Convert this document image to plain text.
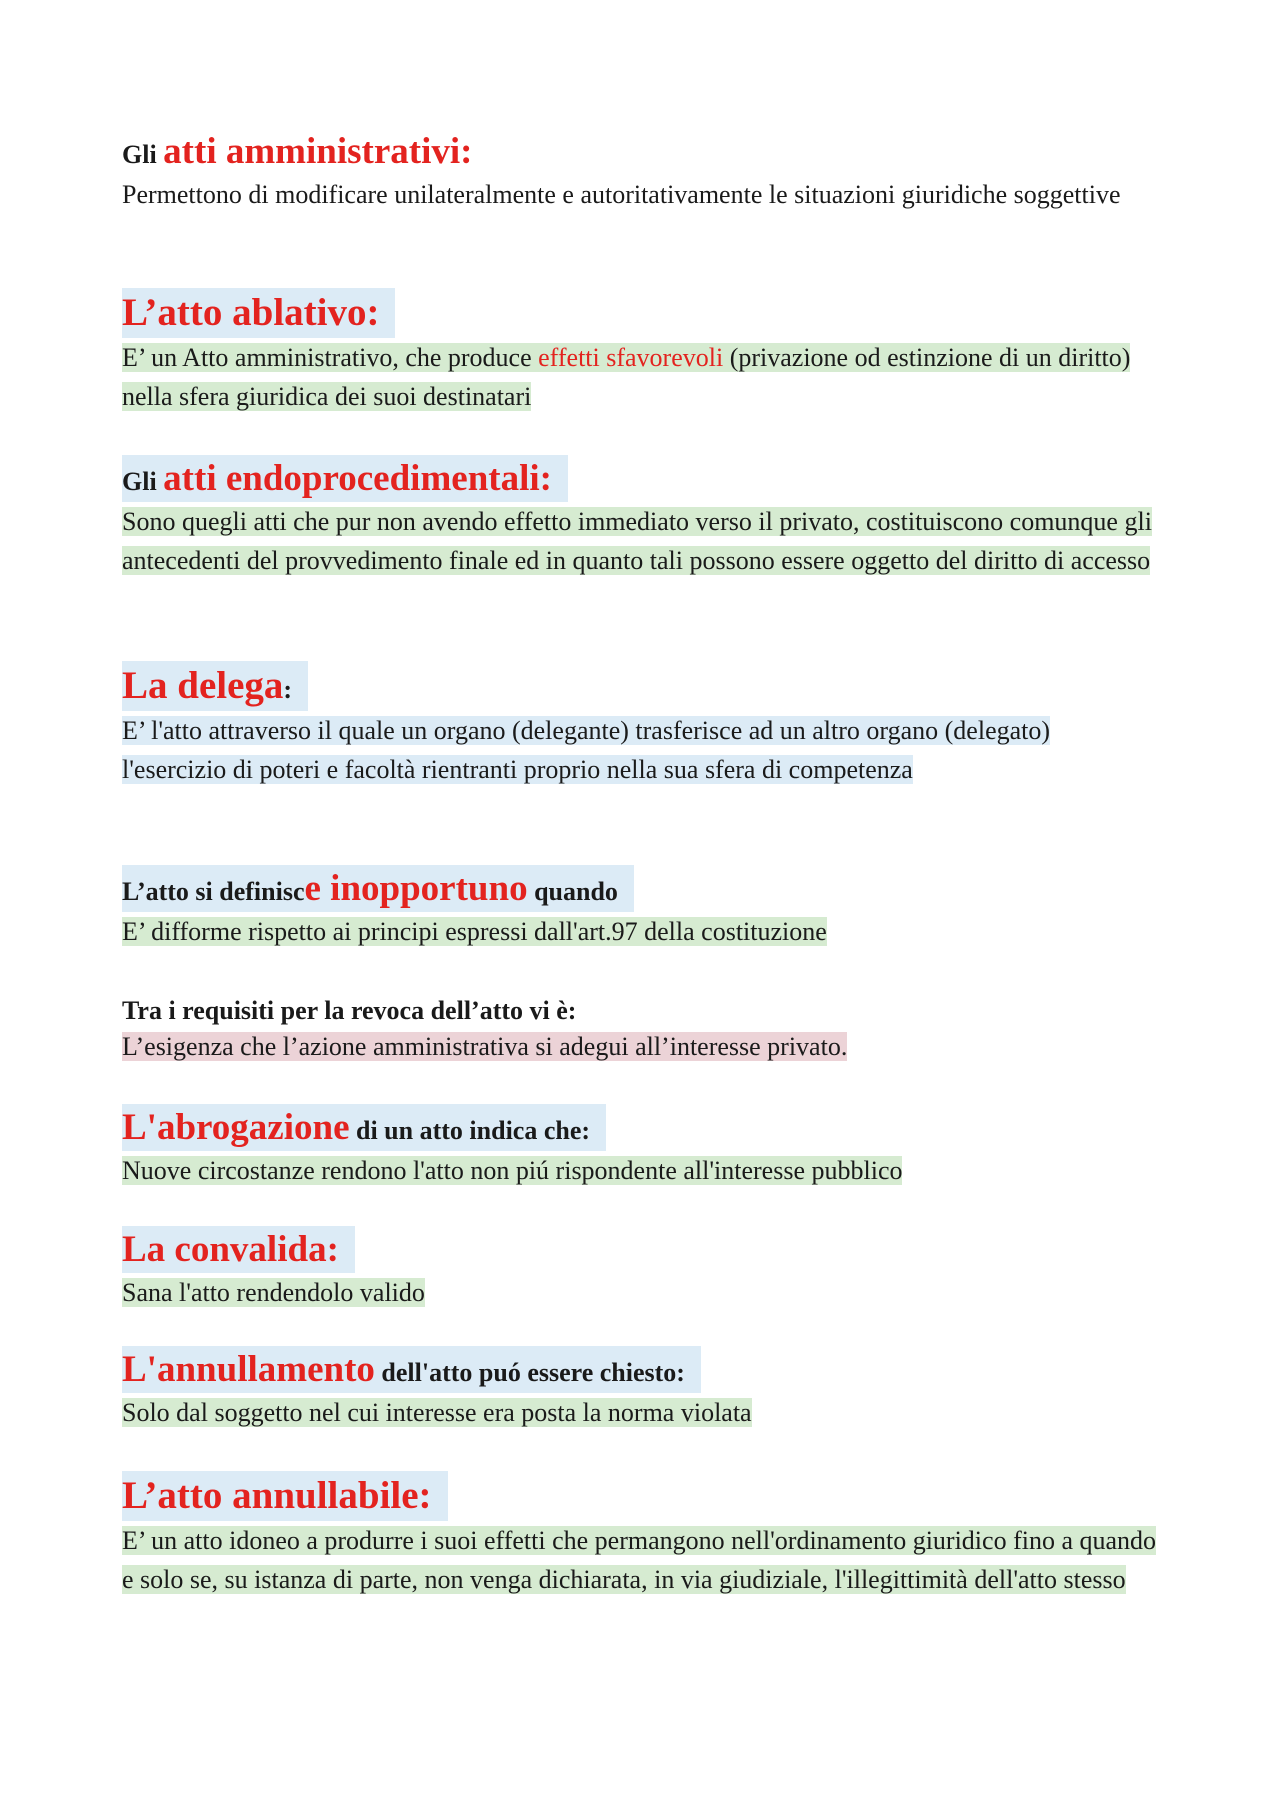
Gli atti amministrativi:
Permettono di modificare unilateralmente e autoritativamente le situazioni giuridiche soggettive
L’atto ablativo:
E’ un Atto amministrativo, che produce effetti sfavorevoli (privazione od estinzione di un diritto) nella sfera giuridica dei suoi destinatari
Gli atti endoprocedimentali:
Sono quegli atti che pur non avendo effetto immediato verso il privato, costituiscono comunque gli antecedenti del provvedimento finale ed in quanto tali possono essere oggetto del diritto di accesso
La delega:
E’ l'atto attraverso il quale un organo (delegante) trasferisce ad un altro organo (delegato) l'esercizio di poteri e facoltà rientranti proprio nella sua sfera di competenza
L’atto si definisce inopportuno quando
E’ difforme rispetto ai principi espressi dall'art.97 della costituzione
Tra i requisiti per la revoca dell’atto vi è:
L’esigenza che l’azione amministrativa si adegui all’interesse privato.
L'abrogazione di un atto indica che:
Nuove circostanze rendono l'atto non piú rispondente all'interesse pubblico
La convalida:
Sana l'atto rendendolo valido
L'annullamento dell'atto puó essere chiesto:
Solo dal soggetto nel cui interesse era posta la norma violata
L’atto annullabile:
E’ un atto idoneo a produrre i suoi effetti che permangono nell'ordinamento giuridico fino a quando e solo se, su istanza di parte, non venga dichiarata, in via giudiziale, l'illegittimità dell'atto stesso
